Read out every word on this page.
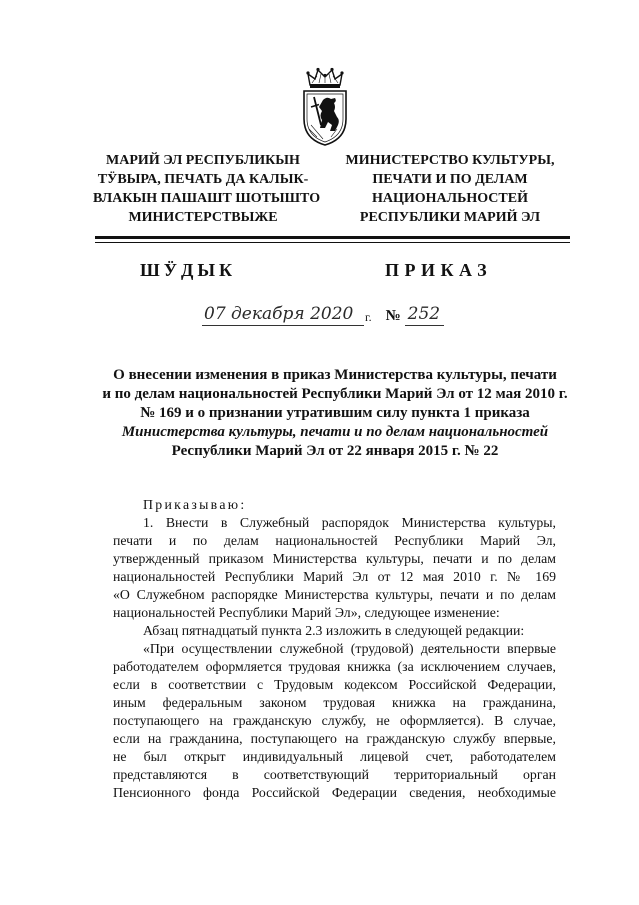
МАРИЙ ЭЛ РЕСПУБЛИКЫН
ТӰВЫРА, ПЕЧАТЬ ДА КАЛЫК-
ВЛАКЫН ПАШАШТ ШОТЫШТО
МИНИСТЕРСТВЫЖЕ
МИНИСТЕРСТВО КУЛЬТУРЫ,
ПЕЧАТИ И ПО ДЕЛАМ
НАЦИОНАЛЬНОСТЕЙ
РЕСПУБЛИКИ МАРИЙ ЭЛ
ШӰДЫК	ПРИКАЗ
07 декабря 2020 г. № 252
О внесении изменения в приказ Министерства культуры, печати
и по делам национальностей Республики Марий Эл от 12 мая 2010 г.
№ 169 и о признании утратившим силу пункта 1 приказа
Министерства культуры, печати и по делам национальностей
Республики Марий Эл от 22 января 2015 г. № 22
Приказываю:
1. Внести в Служебный распорядок Министерства культуры,
печати и по делам национальностей Республики Марий Эл,
утвержденный приказом Министерства культуры, печати и по делам
национальностей Республики Марий Эл от 12 мая 2010 г. № 169
«О Служебном распорядке Министерства культуры, печати и по делам
национальностей Республики Марий Эл», следующее изменение:
Абзац пятнадцатый пункта 2.3 изложить в следующей редакции:
«При осуществлении служебной (трудовой) деятельности впервые
работодателем оформляется трудовая книжка (за исключением случаев,
если в соответствии с Трудовым кодексом Российской Федерации,
иным федеральным законом трудовая книжка на гражданина,
поступающего на гражданскую службу, не оформляется). В случае,
если на гражданина, поступающего на гражданскую службу впервые,
не был открыт индивидуальный лицевой счет, работодателем
представляются в соответствующий территориальный орган
Пенсионного фонда Российской Федерации сведения, необходимые
